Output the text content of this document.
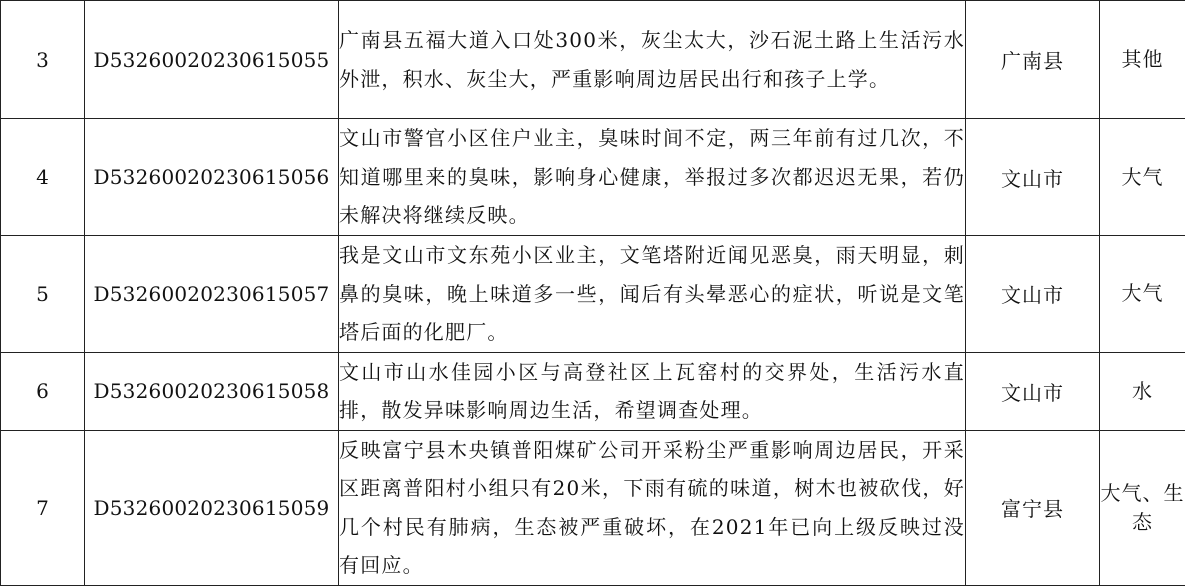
3	D53260020230615055	广南县五福大道入口处300米，灰尘太大，沙石泥土路上生活污水外泄，积水、灰尘大，严重影响周边居民出行和孩子上学。	广南县	其他
4	D53260020230615056	文山市警官小区住户业主，臭味时间不定，两三年前有过几次，不知道哪里来的臭味，影响身心健康，举报过多次都迟迟无果，若仍未解决将继续反映。	文山市	大气
5	D53260020230615057	我是文山市文东苑小区业主，文笔塔附近闻见恶臭，雨天明显，刺鼻的臭味，晚上味道多一些，闻后有头晕恶心的症状，听说是文笔塔后面的化肥厂。	文山市	大气
6	D53260020230615058	文山市山水佳园小区与高登社区上瓦窑村的交界处，生活污水直排，散发异味影响周边生活，希望调查处理。	文山市	水
7	D53260020230615059	反映富宁县木央镇普阳煤矿公司开采粉尘严重影响周边居民，开采区距离普阳村小组只有20米，下雨有硫的味道，树木也被砍伐，好几个村民有肺病，生态被严重破坏，在2021年已向上级反映过没有回应。	富宁县	大气、生态
